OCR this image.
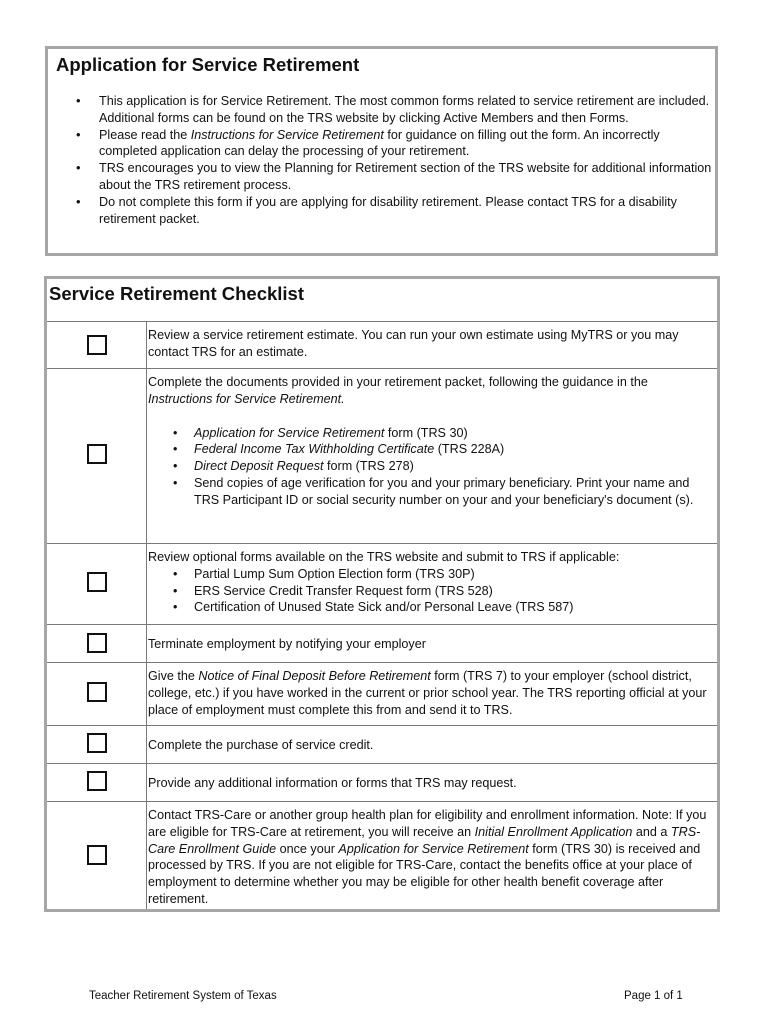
Application for Service Retirement
• This application is for Service Retirement. The most common forms related to service retirement are included. Additional forms can be found on the TRS website by clicking Active Members and then Forms.
• Please read the Instructions for Service Retirement for guidance on filling out the form. An incorrectly completed application can delay the processing of your retirement.
• TRS encourages you to view the Planning for Retirement section of the TRS website for additional information about the TRS retirement process.
• Do not complete this form if you are applying for disability retirement. Please contact TRS for a disability retirement packet.
Service Retirement Checklist

Review a service retirement estimate. You can run your own estimate using MyTRS or you may contact TRS for an estimate.

Complete the documents provided in your retirement packet, following the guidance in the Instructions for Service Retirement.

• Application for Service Retirement form (TRS 30)
• Federal Income Tax Withholding Certificate (TRS 228A)
• Direct Deposit Request form (TRS 278)
• Send copies of age verification for you and your primary beneficiary. Print your name and TRS Participant ID or social security number on your and your beneficiary's document (s).

Review optional forms available on the TRS website and submit to TRS if applicable:

• Partial Lump Sum Option Election form (TRS 30P)
• ERS Service Credit Transfer Request form (TRS 528)
• Certification of Unused State Sick and/or Personal Leave (TRS 587)

Terminate employment by notifying your employer

Give the Notice of Final Deposit Before Retirement form (TRS 7) to your employer (school district, college, etc.) if you have worked in the current or prior school year. The TRS reporting official at your place of employment must complete this from and send it to TRS.

Complete the purchase of service credit.

Provide any additional information or forms that TRS may request.

Contact TRS-Care or another group health plan for eligibility and enrollment information. Note: If you are eligible for TRS-Care at retirement, you will receive an Initial Enrollment Application and a TRS-Care Enrollment Guide once your Application for Service Retirement form (TRS 30) is received and processed by TRS. If you are not eligible for TRS-Care, contact the benefits office at your place of employment to determine whether you may be eligible for other health benefit coverage after retirement.

Teacher Retirement System of Texas	Page 1 of 1
